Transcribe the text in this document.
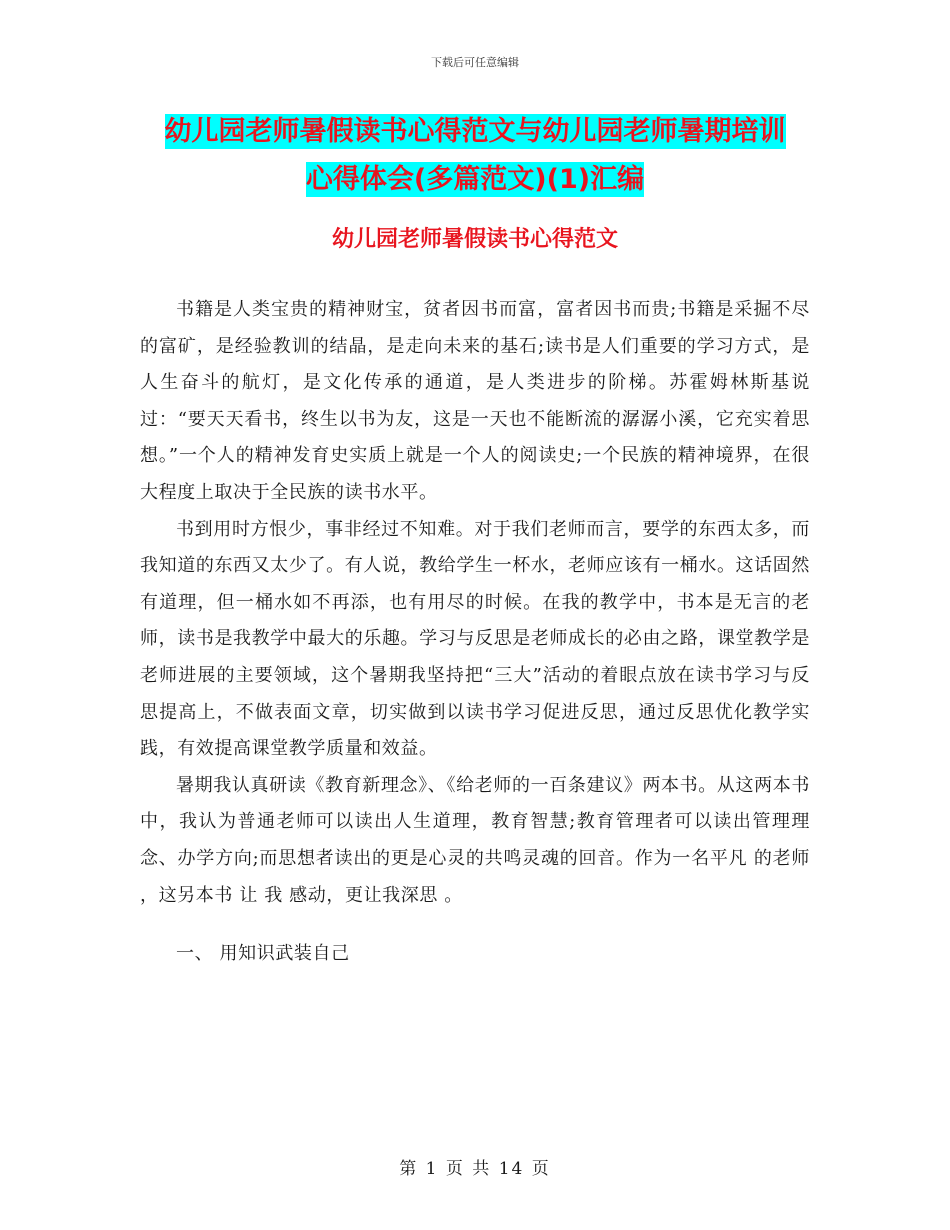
下载后可任意编辑
幼儿园老师暑假读书心得范文与幼儿园老师暑期培训
心得体会(多篇范文)(1)汇编
幼儿园老师暑假读书心得范文

书籍是人类宝贵的精神财宝，贫者因书而富，富者因书而贵;书籍是采掘不尽的富矿，是经验教训的结晶，是走向未来的基石;读书是人们重要的学习方式，是人生奋斗的航灯，是文化传承的通道，是人类进步的阶梯。苏霍姆林斯基说过：“要天天看书，终生以书为友，这是一天也不能断流的潺潺小溪，它充实着思想。”一个人的精神发育史实质上就是一个人的阅读史;一个民族的精神境界，在很大程度上取决于全民族的读书水平。

书到用时方恨少，事非经过不知难。对于我们老师而言，要学的东西太多，而我知道的东西又太少了。有人说，教给学生一杯水，老师应该有一桶水。这话固然有道理，但一桶水如不再添，也有用尽的时候。在我的教学中，书本是无言的老师，读书是我教学中最大的乐趣。学习与反思是老师成长的必由之路，课堂教学是老师进展的主要领域，这个暑期我坚持把“三大”活动的着眼点放在读书学习与反思提高上，不做表面文章，切实做到以读书学习促进反思，通过反思优化教学实践，有效提高课堂教学质量和效益。

暑期我认真研读《教育新理念》、《给老师的一百条建议》两本书。从这两本书中，我认为普通老师可以读出人生道理，教育智慧;教育管理者可以读出管理理念、办学方向;而思想者读出的更是心灵的共鸣灵魂的回音。作为一名平凡 的老师 ，这另本书 让 我 感动，更让我深思 。

一、 用知识武装自己

第 1 页 共 14 页
